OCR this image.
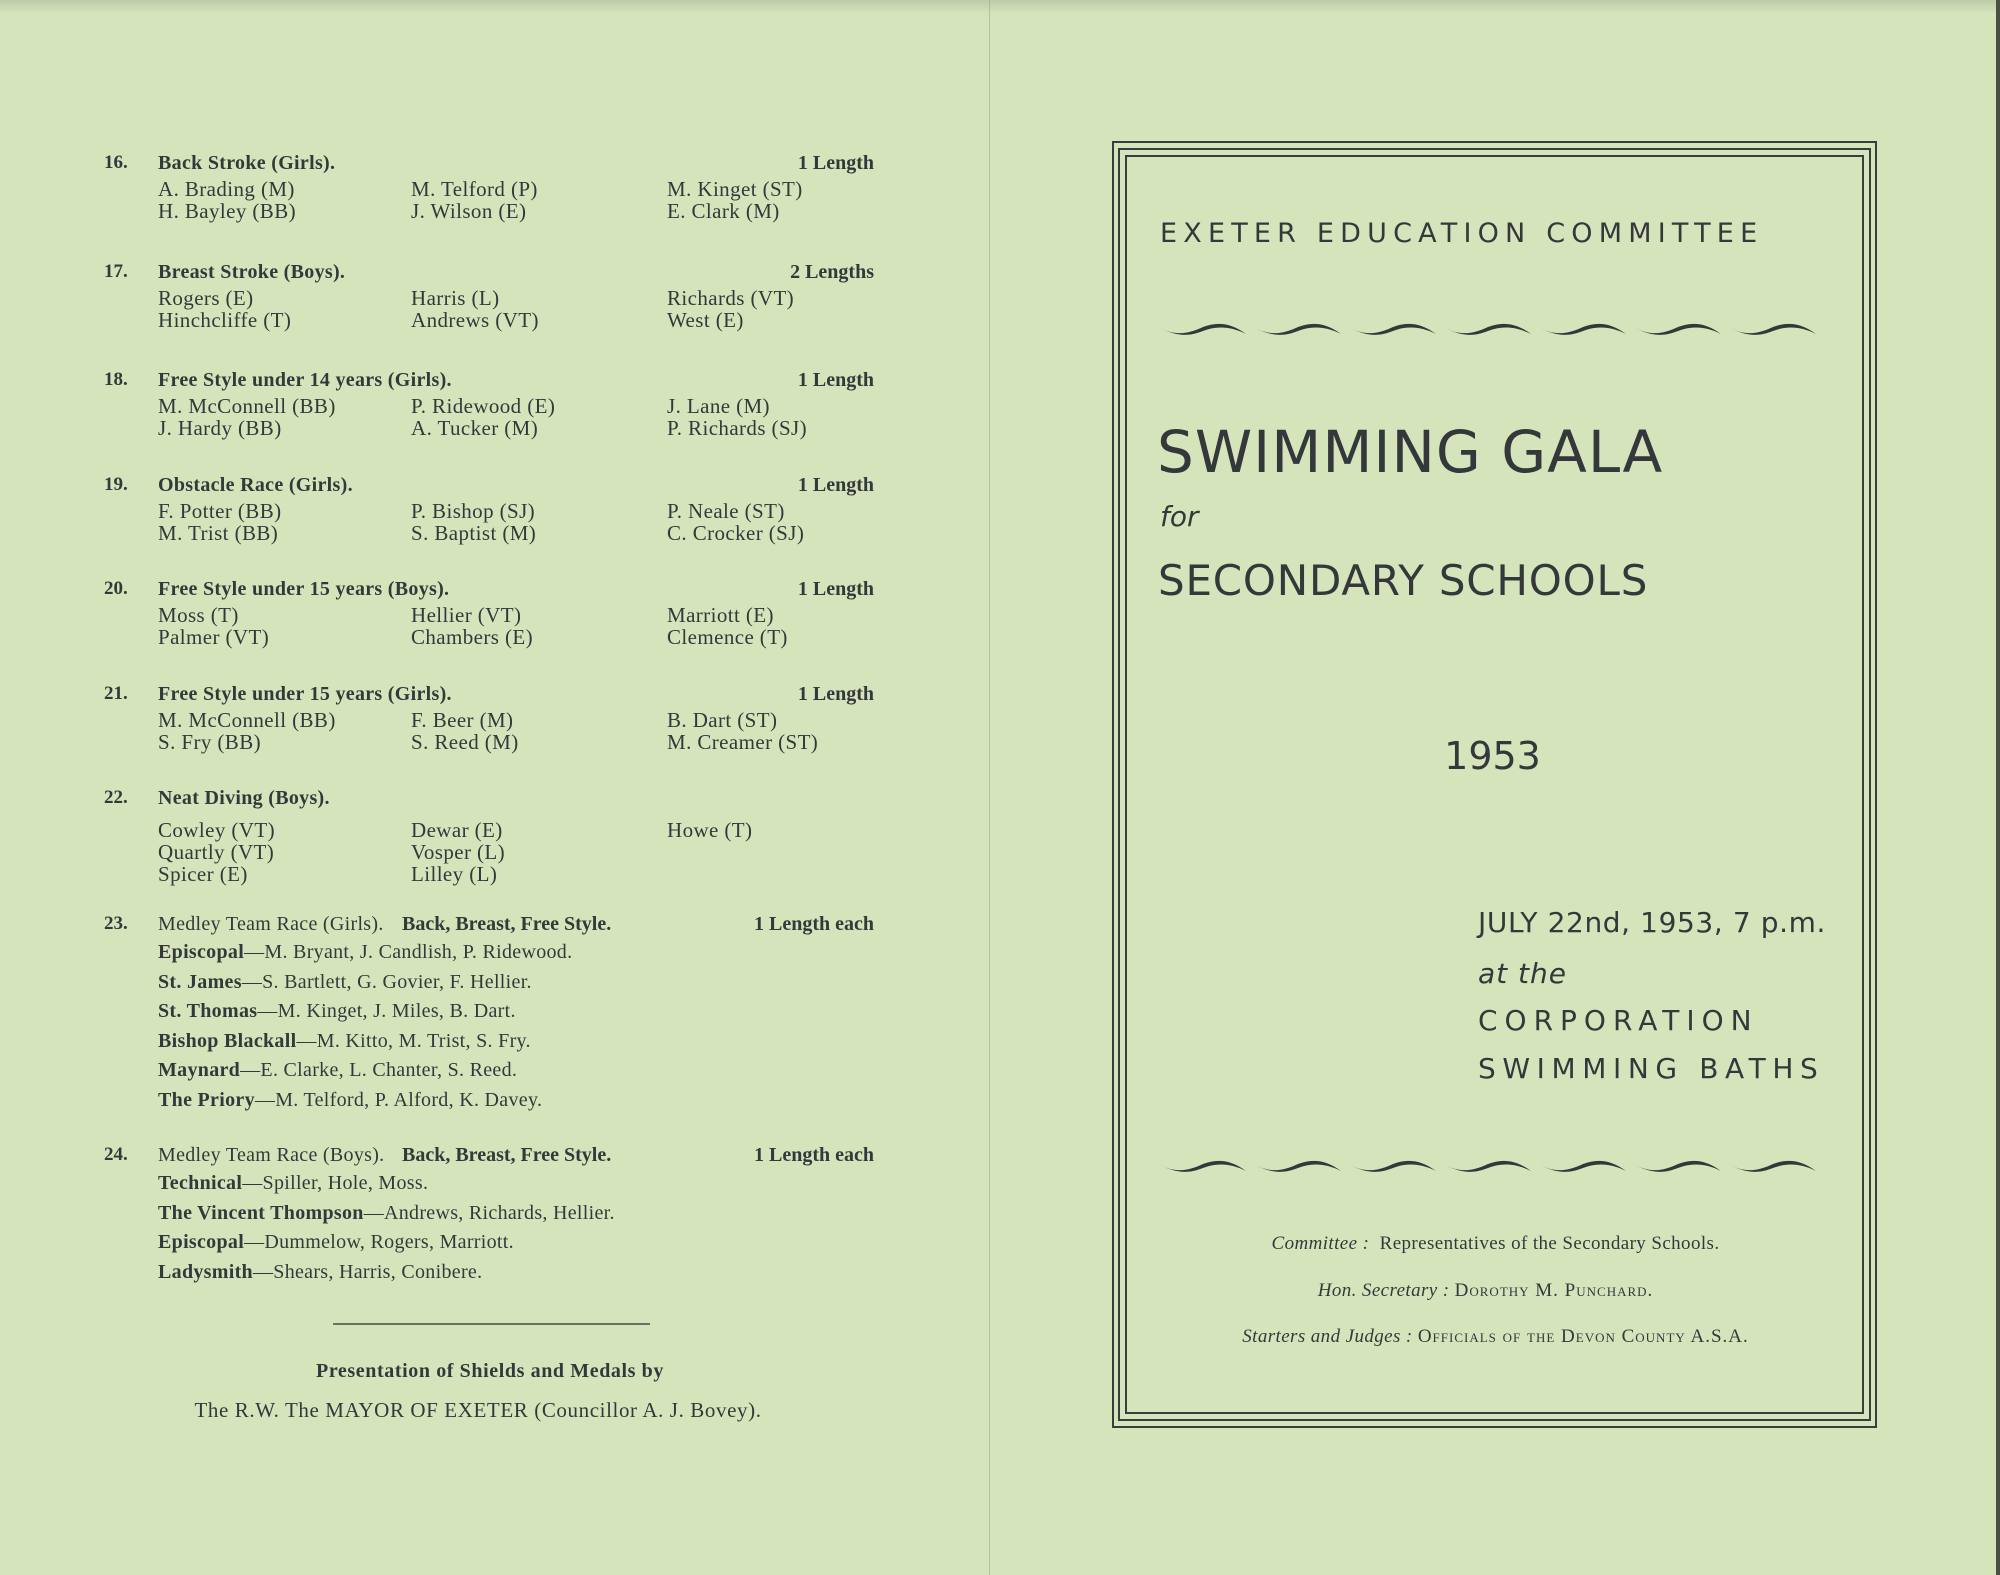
16. Back Stroke (Girls).	1 Length
A. Brading (M)	M. Telford (P)	M. Kinget (ST)
H. Bayley (BB)	J. Wilson (E)	E. Clark (M)
17. Breast Stroke (Boys).	2 Lengths
Rogers (E)	Harris (L)	Richards (VT)
Hinchcliffe (T)	Andrews (VT)	West (E)
18. Free Style under 14 years (Girls).	1 Length
M. McConnell (BB)	P. Ridewood (E)	J. Lane (M)
J. Hardy (BB)	A. Tucker (M)	P. Richards (SJ)
19. Obstacle Race (Girls).	1 Length
F. Potter (BB)	P. Bishop (SJ)	P. Neale (ST)
M. Trist (BB)	S. Baptist (M)	C. Crocker (SJ)
20. Free Style under 15 years (Boys).	1 Length
Moss (T)	Hellier (VT)	Marriott (E)
Palmer (VT)	Chambers (E)	Clemence (T)
21. Free Style under 15 years (Girls).	1 Length
M. McConnell (BB)	F. Beer (M)	B. Dart (ST)
S. Fry (BB)	S. Reed (M)	M. Creamer (ST)
22. Neat Diving (Boys).
Cowley (VT)	Dewar (E)	Howe (T)
Quartly (VT)	Vosper (L)
Spicer (E)	Lilley (L)
23. Medley Team Race (Girls). Back, Breast, Free Style.	1 Length each
Episcopal—M. Bryant, J. Candlish, P. Ridewood.
St. James—S. Bartlett, G. Govier, F. Hellier.
St. Thomas—M. Kinget, J. Miles, B. Dart.
Bishop Blackall—M. Kitto, M. Trist, S. Fry.
Maynard—E. Clarke, L. Chanter, S. Reed.
The Priory—M. Telford, P. Alford, K. Davey.
24. Medley Team Race (Boys). Back, Breast, Free Style.	1 Length each
Technical—Spiller, Hole, Moss.
The Vincent Thompson—Andrews, Richards, Hellier.
Episcopal—Dummelow, Rogers, Marriott.
Ladysmith—Shears, Harris, Conibere.
Presentation of Shields and Medals by
The R.W. The MAYOR OF EXETER (Councillor A. J. Bovey).
EXETER EDUCATION COMMITTEE
SWIMMING GALA
for
SECONDARY SCHOOLS
1953
JULY 22nd, 1953, 7 p.m.
at the
CORPORATION
SWIMMING BATHS
Committee : Representatives of the Secondary Schools.
Hon. Secretary : Dorothy M. Punchard.
Starters and Judges : Officials of the Devon County A.S.A.
